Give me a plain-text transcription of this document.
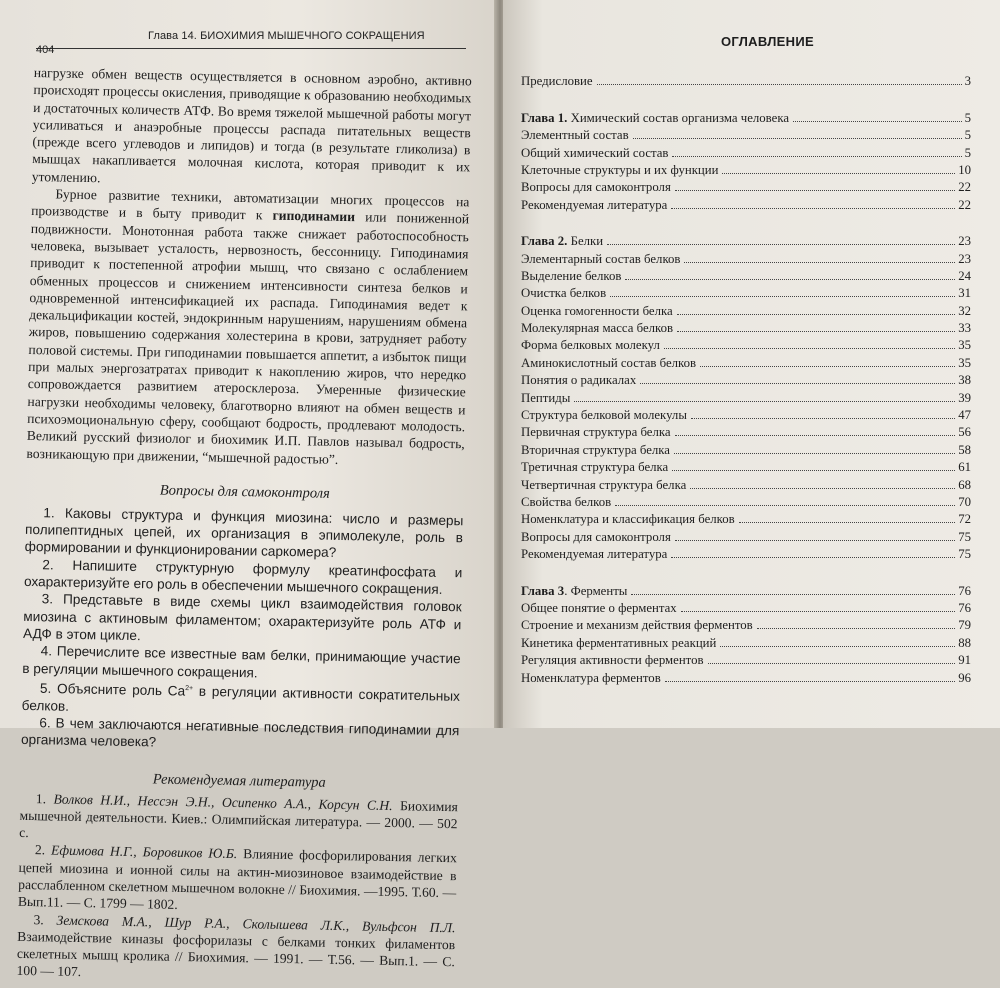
404
Глава 14. БИОХИМИЯ МЫШЕЧНОГО СОКРАЩЕНИЯ

нагрузке обмен веществ осуществляется в основном аэробно, активно происходят процессы окисления, приводящие к образованию необходимых и достаточных количеств АТФ. Во время тяжелой мышечной работы могут усиливаться и анаэробные процессы распада питательных веществ (прежде всего углеводов и липидов) и тогда (в результате гликолиза) в мышцах накапливается молочная кислота, которая приводит к их утомлению.

Бурное развитие техники, автоматизации многих процессов на производстве и в быту приводит к гиподинамии или пониженной подвижности. Монотонная работа также снижает работоспособность человека, вызывает усталость, нервозность, бессонницу. Гиподинамия приводит к постепенной атрофии мышц, что связано с ослаблением обменных процессов и снижением интенсивности синтеза белков и одновременной интенсификацией их распада. Гиподинамия ведет к декальцификации костей, эндокринным нарушениям, нарушениям обмена жиров, повышению содержания холестерина в крови, затрудняет работу половой системы. При гиподинамии повышается аппетит, а избыток пищи при малых энергозатратах приводит к накоплению жиров, что нередко сопровождается развитием атеросклероза. Умеренные физические нагрузки необходимы человеку, благотворно влияют на обмен веществ и психоэмоциональную сферу, сообщают бодрость, продлевают молодость. Великий русский физиолог и биохимик И.П. Павлов называл бодрость, возникающую при движении, “мышечной радостью”.

Вопросы для самоконтроля

1. Каковы структура и функция миозина: число и размеры полипептидных цепей, их организация в эпимолекуле, роль в формировании и функционировании саркомера?

2. Напишите структурную формулу креатинфосфата и охарактеризуйте его роль в обеспечении мышечного сокращения.

3. Представьте в виде схемы цикл взаимодействия головок миозина с актиновым филаментом; охарактеризуйте роль АТФ и АДФ в этом цикле.

4. Перечислите все известные вам белки, принимающие участие в регуляции мышечного сокращения.

5. Объясните роль $Ca^{2+}$ в регуляции активности сократительных белков.

6. В чем заключаются негативные последствия гиподинамии для организма человека?

Рекомендуемая литература

1. Волков Н.И., Нессэн Э.Н., Осипенко А.А., Корсун С.Н. Биохимия мышечной деятельности. Киев.: Олимпийская литература. — 2000. — 502 с.

2. Ефимова Н.Г., Боровиков Ю.Б. Влияние фосфорилирования легких цепей миозина и ионной силы на актин-миозиновое взаимодействие в расслабленном скелетном мышечном волокне // Биохимия. —1995. Т.60. — Вып.11. — С. 1799 — 1802.

3. Земскова М.А., Шур Р.А., Сколышева Л.К., Вульфсон П.Л. Взаимодействие киназы фосфорилазы с белками тонких филаментов скелетных мышц кролика // Биохимия. — 1991. — Т.56. — Вып.1. — С. 100 — 107.

ОГЛАВЛЕНИЕ
Предисловие	3
Глава 1. Химический состав организма человека	5
Элементный состав	5
Общий химический состав	5
Клеточные структуры и их функции	10
Вопросы для самоконтроля	22
Рекомендуемая литература	22
Глава 2. Белки	23
Элементарный состав белков	23
Выделение белков	24
Очистка белков	31
Оценка гомогенности белка	32
Молекулярная масса белков	33
Форма белковых молекул	35
Аминокислотный состав белков	35
Понятия о радикалах	38
Пептиды	39
Структура белковой молекулы	47
Первичная структура белка	56
Вторичная структура белка	58
Третичная структура белка	61
Четвертичная структура белка	68
Свойства белков	70
Номенклатура и классификация белков	72
Вопросы для самоконтроля	75
Рекомендуемая литература	75
Глава 3. Ферменты	76
Общее понятие о ферментах	76
Строение и механизм действия ферментов	79
Кинетика ферментативных реакций	88
Регуляция активности ферментов	91
Номенклатура ферментов	96
